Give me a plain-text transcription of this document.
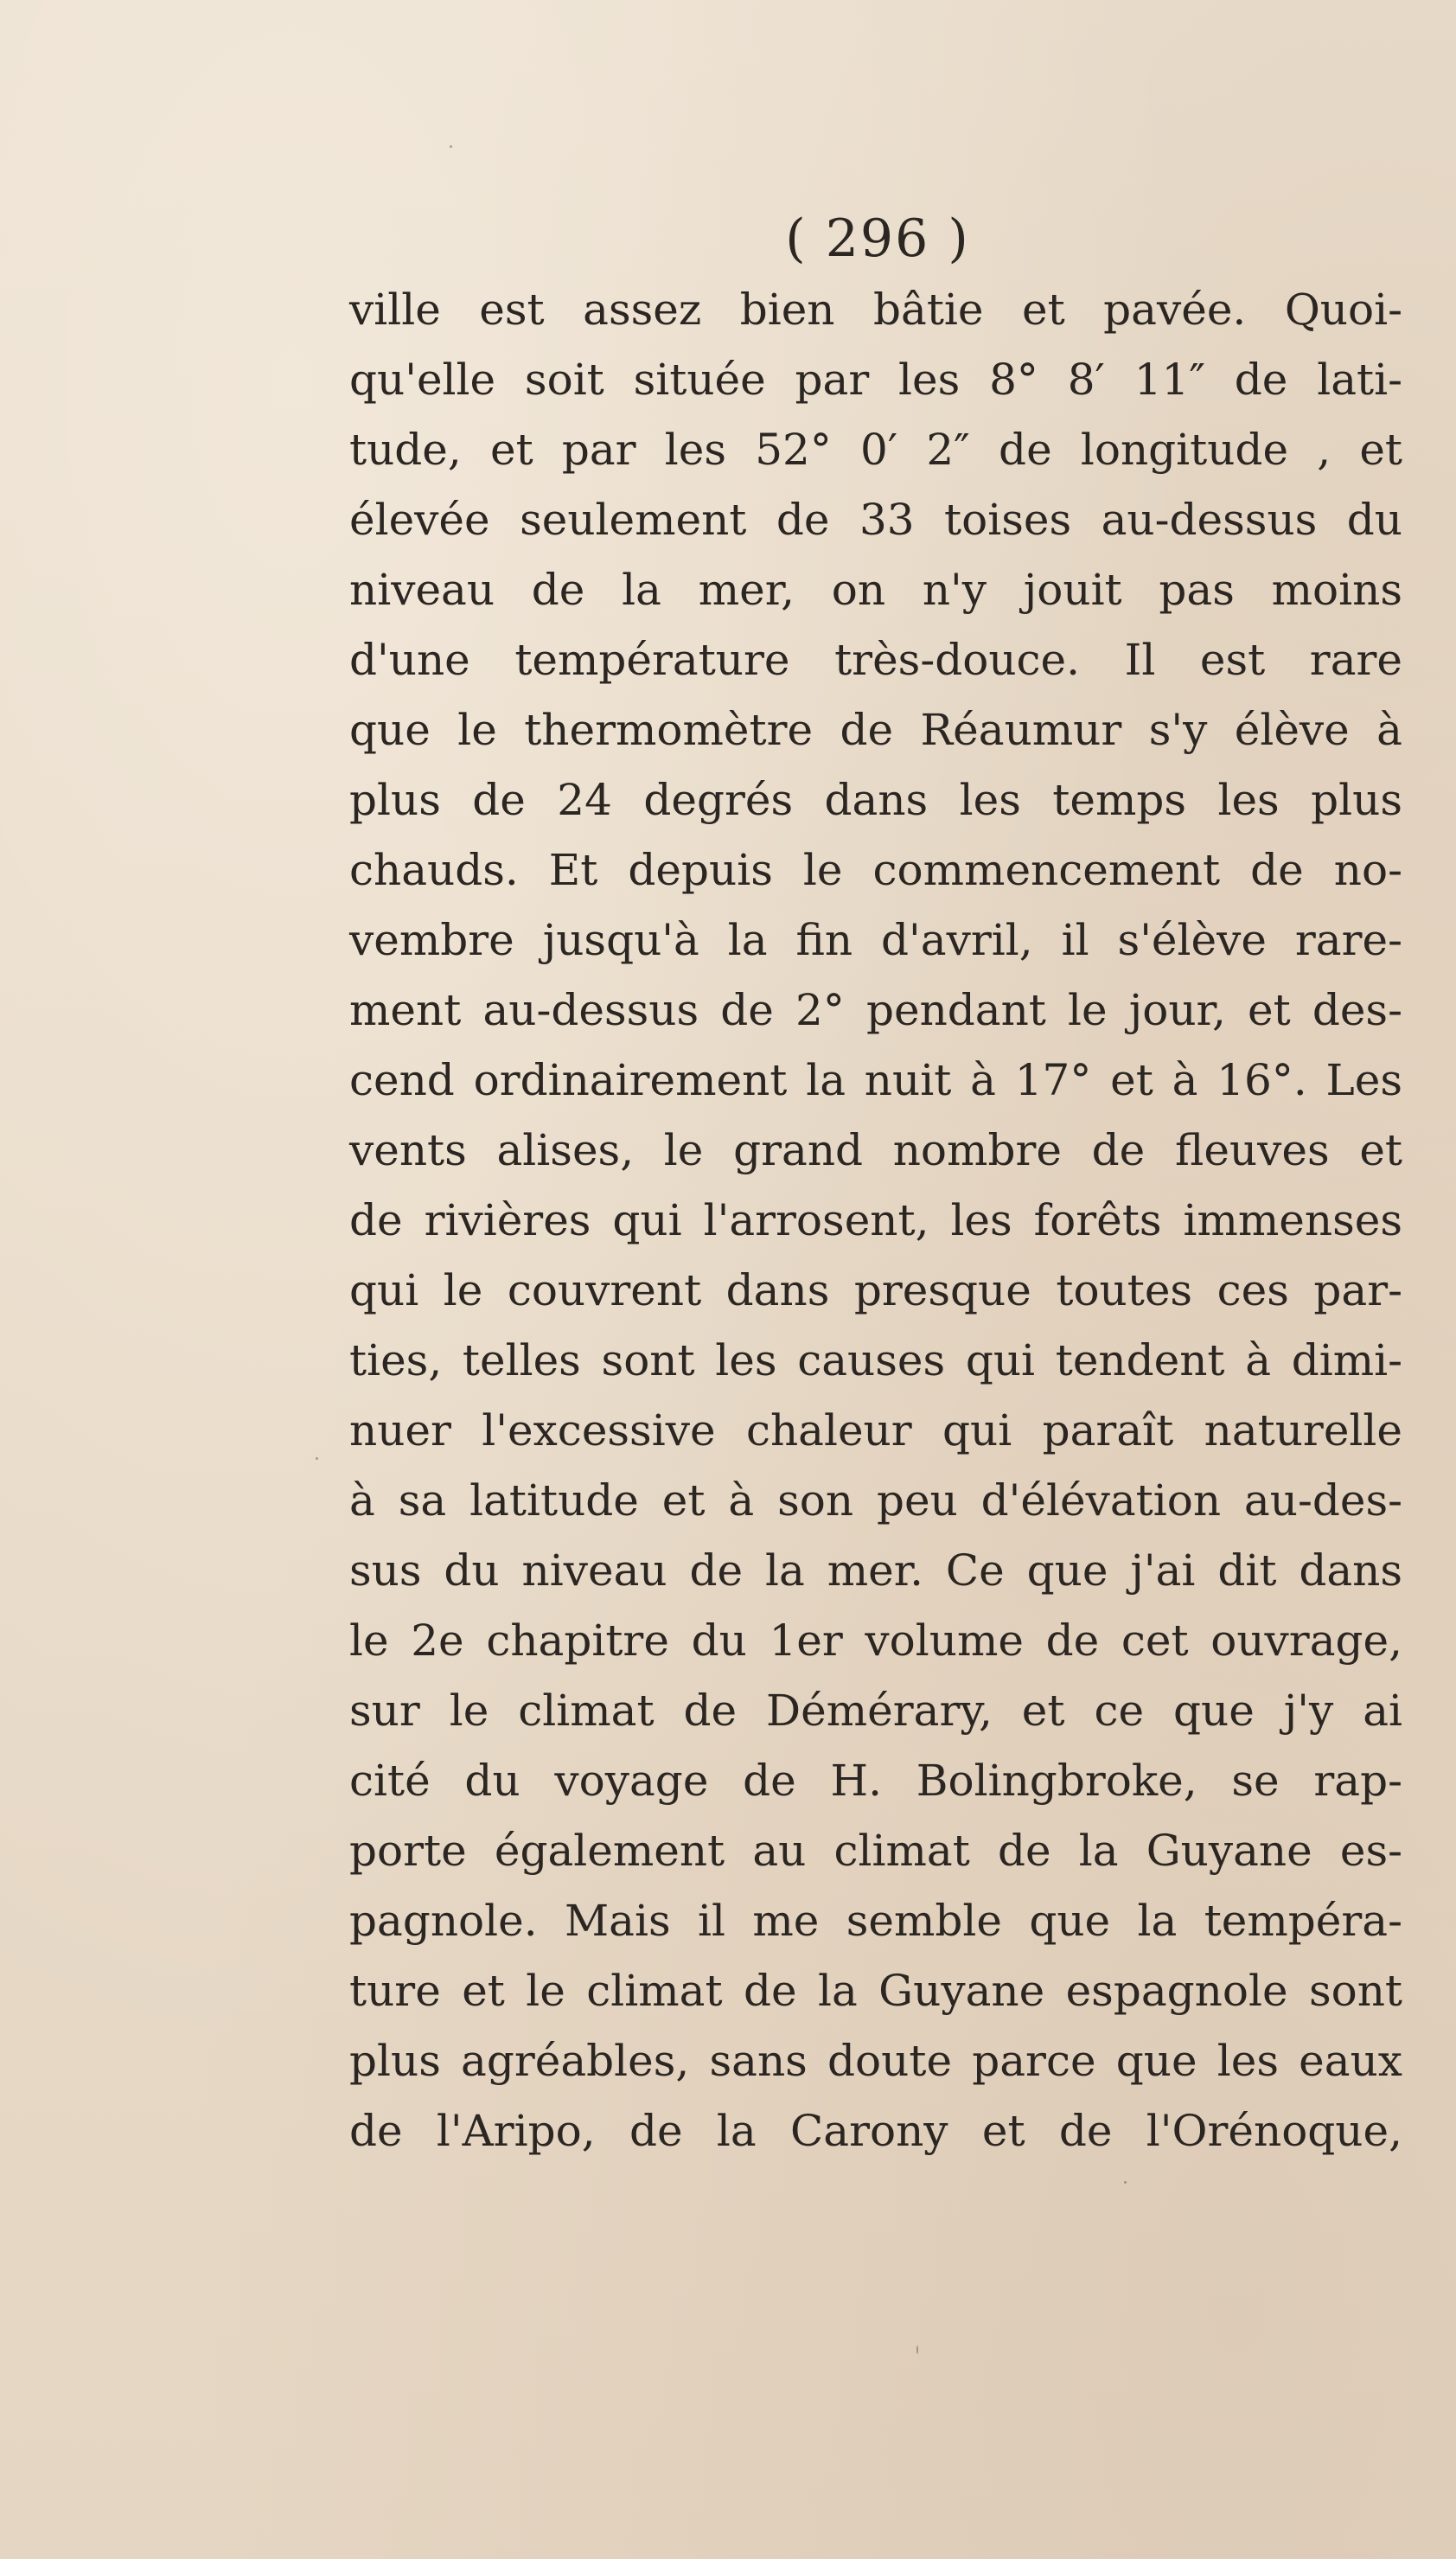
( 296 )
ville est assez bien bâtie et pavée. Quoi-
qu'elle soit située par les 8° 8′ 11″ de lati-
tude, et par les 52° 0′ 2″ de longitude , et
élevée seulement de 33 toises au-dessus du
niveau de la mer, on n'y jouit pas moins
d'une température très-douce. Il est rare
que le thermomètre de Réaumur s'y élève à
plus de 24 degrés dans les temps les plus
chauds. Et depuis le commencement de no-
vembre jusqu'à la fin d'avril, il s'élève rare-
ment au-dessus de 2° pendant le jour, et des-
cend ordinairement la nuit à 17° et à 16°. Les
vents alises, le grand nombre de fleuves et
de rivières qui l'arrosent, les forêts immenses
qui le couvrent dans presque toutes ces par-
ties, telles sont les causes qui tendent à dimi-
nuer l'excessive chaleur qui paraît naturelle
à sa latitude et à son peu d'élévation au-des-
sus du niveau de la mer. Ce que j'ai dit dans
le 2e chapitre du 1er volume de cet ouvrage,
sur le climat de Démérary, et ce que j'y ai
cité du voyage de H. Bolingbroke, se rap-
porte également au climat de la Guyane es-
pagnole. Mais il me semble que la tempéra-
ture et le climat de la Guyane espagnole sont
plus agréables, sans doute parce que les eaux
de l'Aripo, de la Carony et de l'Orénoque,
